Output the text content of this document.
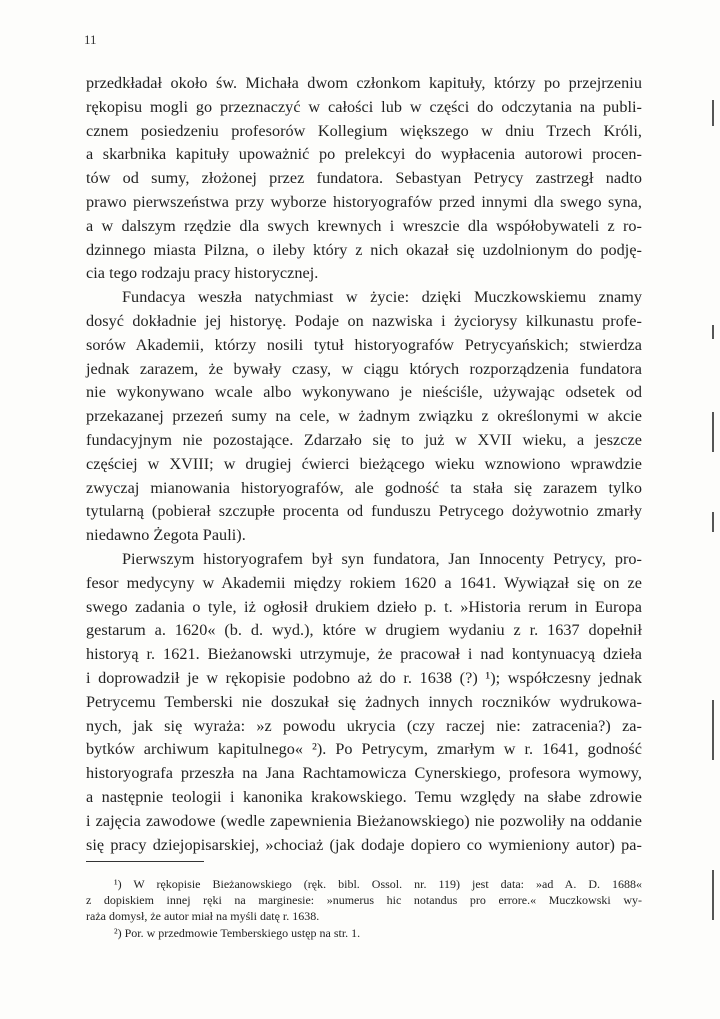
11
przedkładał około św. Michała dwom członkom kapituły, którzy po przejrzeniu
rękopisu mogli go przeznaczyć w całości lub w części do odczytania na publi-
cznem posiedzeniu profesorów Kollegium większego w dniu Trzech Króli,
a skarbnika kapituły upoważnić po prelekcyi do wypłacenia autorowi procen-
tów od sumy, złożonej przez fundatora. Sebastyan Petrycy zastrzegł nadto
prawo pierwszeństwa przy wyborze historyografów przed innymi dla swego syna,
a w dalszym rzędzie dla swych krewnych i wreszcie dla współobywateli z ro-
dzinnego miasta Pilzna, o ileby który z nich okazał się uzdolnionym do podję-
cia tego rodzaju pracy historycznej.
Fundacya weszła natychmiast w życie: dzięki Muczkowskiemu znamy
dosyć dokładnie jej historyę. Podaje on nazwiska i życiorysy kilkunastu profe-
sorów Akademii, którzy nosili tytuł historyografów Petrycyańskich; stwierdza
jednak zarazem, że bywały czasy, w ciągu których rozporządzenia fundatora
nie wykonywano wcale albo wykonywano je nieściśle, używając odsetek od
przekazanej przezeń sumy na cele, w żadnym związku z określonymi w akcie
fundacyjnym nie pozostające. Zdarzało się to już w XVII wieku, a jeszcze
częściej w XVIII; w drugiej ćwierci bieżącego wieku wznowiono wprawdzie
zwyczaj mianowania historyografów, ale godność ta stała się zarazem tylko
tytularną (pobierał szczupłe procenta od funduszu Petrycego dożywotnio zmarły
niedawno Żegota Pauli).
Pierwszym historyografem był syn fundatora, Jan Innocenty Petrycy, pro-
fesor medycyny w Akademii między rokiem 1620 a 1641. Wywiązał się on ze
swego zadania o tyle, iż ogłosił drukiem dzieło p. t. »Historia rerum in Europa
gestarum a. 1620« (b. d. wyd.), które w drugiem wydaniu z r. 1637 dopełnił
historyą r. 1621. Bieżanowski utrzymuje, że pracował i nad kontynuacyą dzieła
i doprowadził je w rękopisie podobno aż do r. 1638 (?) ¹); współczesny jednak
Petrycemu Temberski nie doszukał się żadnych innych roczników wydrukowa-
nych, jak się wyraża: »z powodu ukrycia (czy raczej nie: zatracenia?) za-
bytków archiwum kapitulnego« ²). Po Petrycym, zmarłym w r. 1641, godność
historyografa przeszła na Jana Rachtamowicza Cynerskiego, profesora wymowy,
a następnie teologii i kanonika krakowskiego. Temu względy na słabe zdrowie
i zajęcia zawodowe (wedle zapewnienia Bieżanowskiego) nie pozwoliły na oddanie
się pracy dziejopisarskiej, »chociaż (jak dodaje dopiero co wymieniony autor) pa-
¹) W rękopisie Bieżanowskiego (ręk. bibl. Ossol. nr. 119) jest data: »ad A. D. 1688«
z dopiskiem innej ręki na marginesie: »numerus hic notandus pro errore.« Muczkowski wy-
raża domysł, że autor miał na myśli datę r. 1638.
²) Por. w przedmowie Temberskiego ustęp na str. 1.
